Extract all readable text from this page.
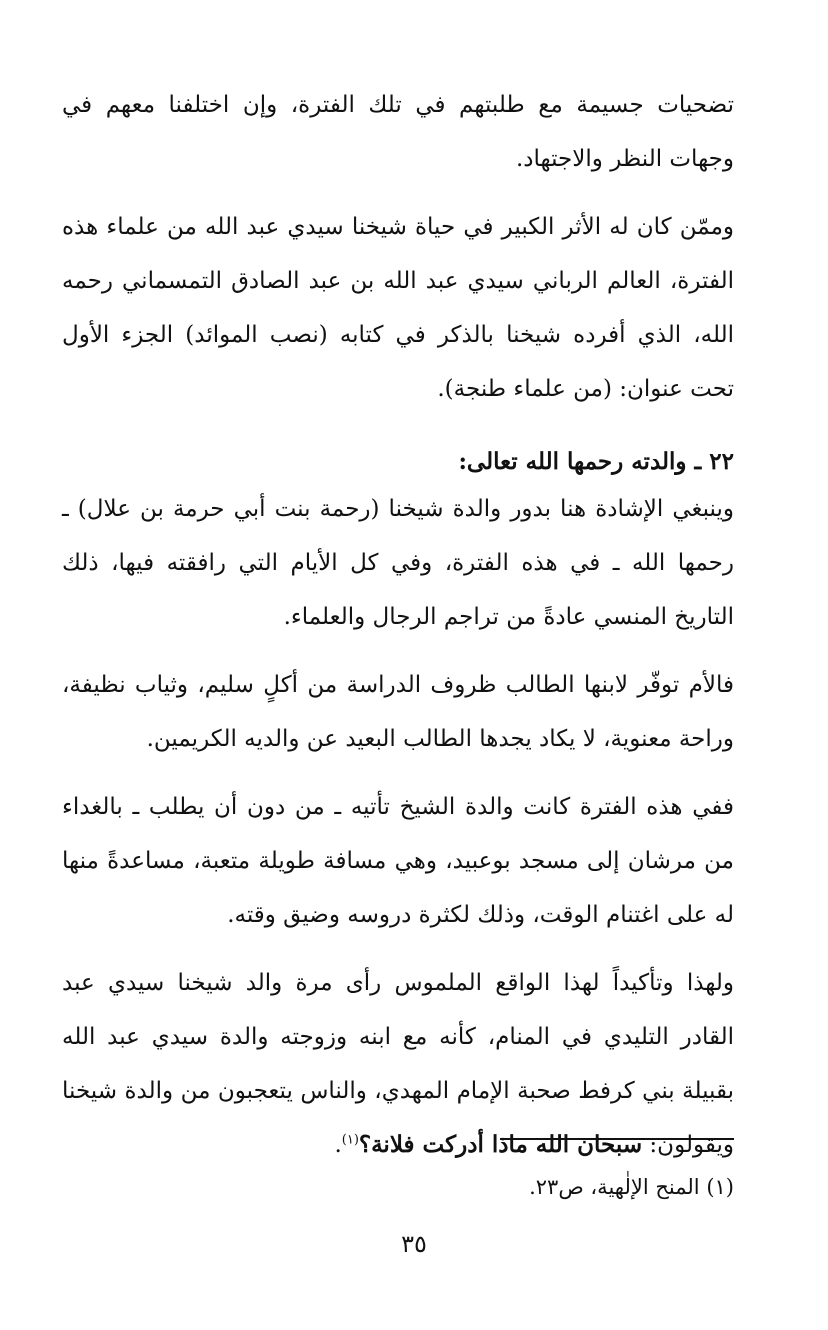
تضحيات جسيمة مع طلبتهم في تلك الفترة، وإن اختلفنا معهم في وجهات النظر والاجتهاد.

وممّن كان له الأثر الكبير في حياة شيخنا سيدي عبد الله من علماء هذه الفترة، العالم الرباني سيدي عبد الله بن عبد الصادق التمسماني رحمه الله، الذي أفرده شيخنا بالذكر في كتابه (نصب الموائد) الجزء الأول تحت عنوان: (من علماء طنجة).

٢٢ ـ والدته رحمها الله تعالى:

وينبغي الإشادة هنا بدور والدة شيخنا (رحمة بنت أبي حرمة بن علال) ـ رحمها الله ـ في هذه الفترة، وفي كل الأيام التي رافقته فيها، ذلك التاريخ المنسي عادةً من تراجم الرجال والعلماء.

فالأم توفّر لابنها الطالب ظروف الدراسة من أكلٍ سليم، وثياب نظيفة، وراحة معنوية، لا يكاد يجدها الطالب البعيد عن والديه الكريمين.

ففي هذه الفترة كانت والدة الشيخ تأتيه ـ من دون أن يطلب ـ بالغداء من مرشان إلى مسجد بوعبيد، وهي مسافة طويلة متعبة، مساعدةً منها له على اغتنام الوقت، وذلك لكثرة دروسه وضيق وقته.

ولهذا وتأكيداً لهذا الواقع الملموس رأى مرة والد شيخنا سيدي عبد القادر التليدي في المنام، كأنه مع ابنه وزوجته والدة سيدي عبد الله بقبيلة بني كرفط صحبة الإمام المهدي، والناس يتعجبون من والدة شيخنا ويقولون: سبحان الله ماذا أدركت فلانة؟$^{(١)}$.

(١) المنح الإلٰهية، ص٢٣.
٣٥
